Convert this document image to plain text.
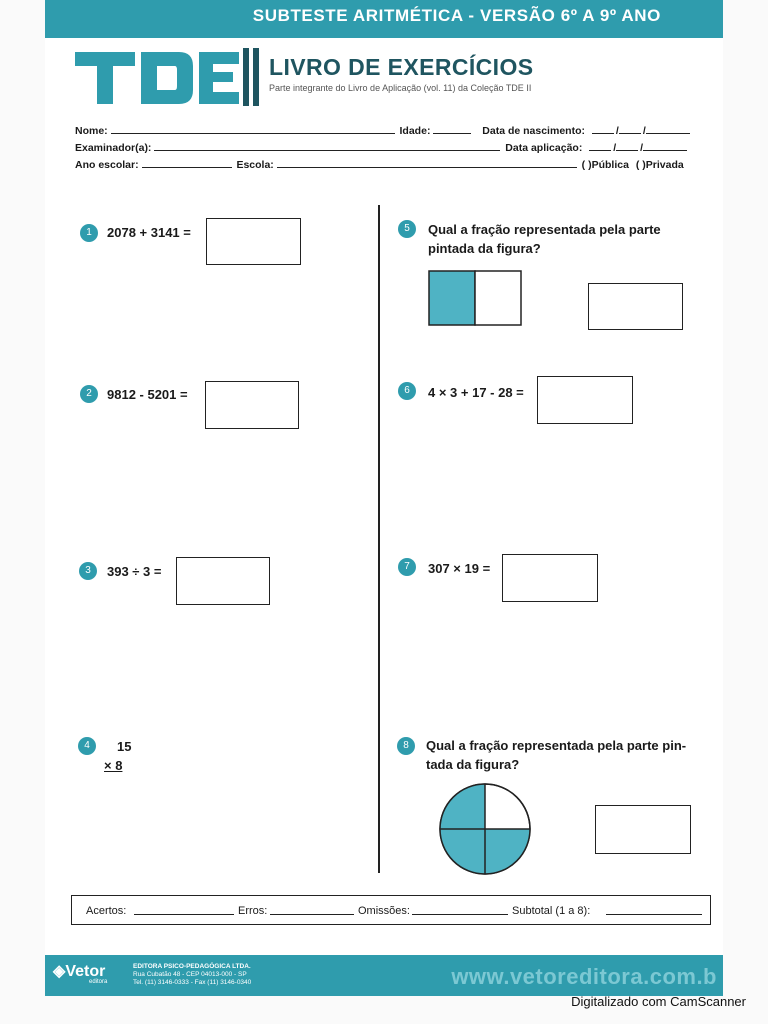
SUBTESTE ARITMÉTICA - VERSÃO 6º A 9º ANO
LIVRO DE EXERCÍCIOS
Parte integrante do Livro de Aplicação (vol. 11) da Coleção TDE II
Nome:	Idade:	Data de nascimento:	/ /
Examinador(a):	Data aplicação:	/ /
Ano escolar:	Escola:	( )Pública ( )Privada
1	2078 + 3141 =
2	9812 - 5201 =
3	393 ÷ 3 =
4	15
× 8
5	Qual a fração representada pela parte
pintada da figura?
6	4 × 3 + 17 - 28 =
7	307 × 19 =
8	Qual a fração representada pela parte pin-
tada da figura?
Acertos:	Erros:	Omissões:	Subtotal (1 a 8):
◈Vetor
editora
EDITORA PSICO-PEDAGÓGICA LTDA.
Rua Cubatão 48 - CEP 04013-000 - SP
Tel. (11) 3146-0333 - Fax (11) 3146-0340	www.vetoreditora.com.b
Digitalizado com CamScanner
